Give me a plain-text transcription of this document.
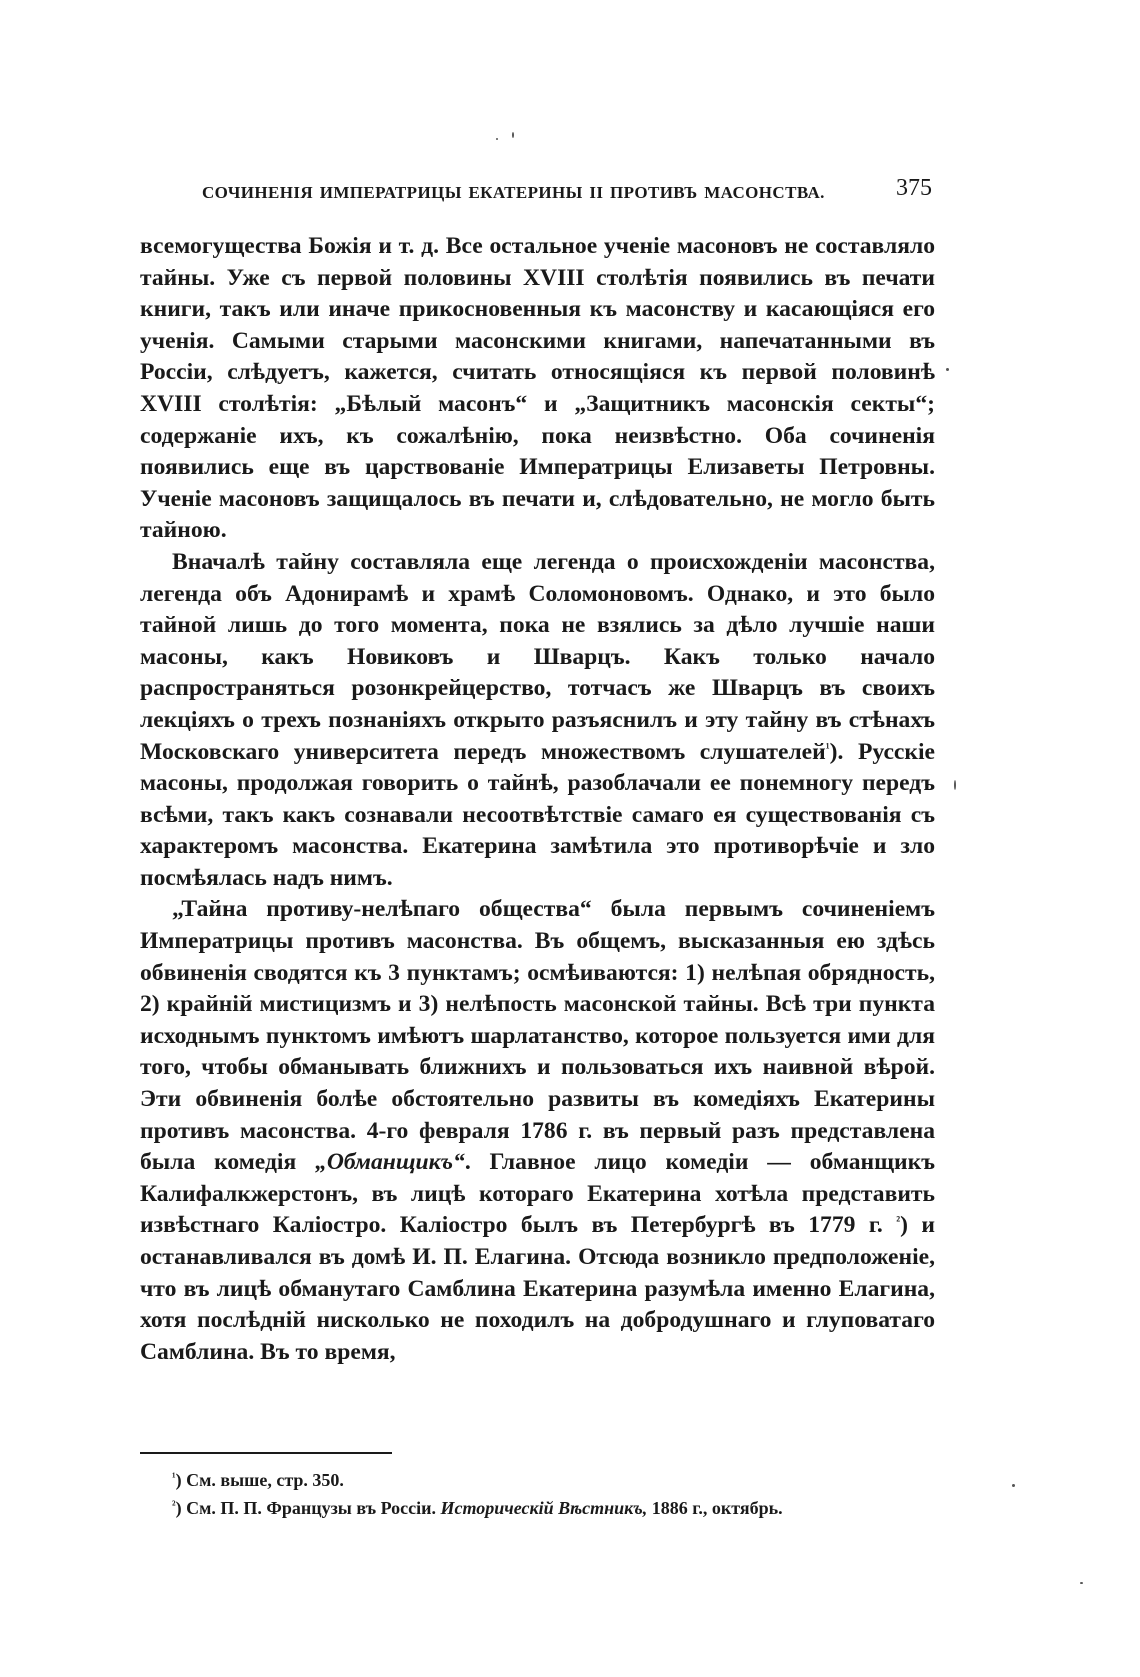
СОЧИНЕНІЯ ИМПЕРАТРИЦЫ ЕКАТЕРИНЫ II ПРОТИВЪ МАСОНСТВА.	375

всемогущества Божія и т. д. Все остальное ученіе масоновъ не составляло тайны. Уже съ первой половины XVIII столѣтія появились въ печати книги, такъ или иначе прикосновенныя къ масонству и касающіяся его ученія. Самыми старыми масонскими книгами, напечатанными въ Россіи, слѣдуетъ, кажется, считать относящіяся къ первой половинѣ XVIII столѣтія: „Бѣлый масонъ“ и „Защитникъ масонскія секты“; содержаніе ихъ, къ сожалѣнію, пока неизвѣстно. Оба сочиненія появились еще въ царствованіе Императрицы Елизаветы Петровны. Ученіе масоновъ защищалось въ печати и, слѣдовательно, не могло быть тайною.

Вначалѣ тайну составляла еще легенда о происхожденіи масонства, легенда объ Адонирамѣ и храмѣ Соломоновомъ. Однако, и это было тайной лишь до того момента, пока не взялись за дѣло лучшіе наши масоны, какъ Новиковъ и Шварцъ. Какъ только начало распространяться розонкрейцерство, тотчасъ же Шварцъ въ своихъ лекціяхъ о трехъ познаніяхъ открыто разъяснилъ и эту тайну въ стѣнахъ Московскаго университета передъ множествомъ слушателей$^{^1}$). Русскіе масоны, продолжая говорить о тайнѣ, разоблачали ее понемногу передъ всѣми, такъ какъ сознавали несоотвѣтствіе самаго ея существованія съ характеромъ масонства. Екатерина замѣтила это противорѣчіе и зло посмѣялась надъ нимъ.

„Тайна противу-нелѣпаго общества“ была первымъ сочиненіемъ Императрицы противъ масонства. Въ общемъ, высказанныя ею здѣсь обвиненія сводятся къ 3 пунктамъ; осмѣиваются: 1) нелѣпая обрядность, 2) крайній мистицизмъ и 3) нелѣпость масонской тайны. Всѣ три пункта исходнымъ пунктомъ имѣютъ шарлатанство, которое пользуется ими для того, чтобы обманывать ближнихъ и пользоваться ихъ наивной вѣрой. Эти обвиненія болѣе обстоятельно развиты въ комедіяхъ Екатерины противъ масонства. 4-го февраля 1786 г. въ первый разъ представлена была комедія „Обманщикъ“. Главное лицо комедіи — обманщикъ Калифалкжерстонъ, въ лицѣ котораго Екатерина хотѣла представить извѣстнаго Каліостро. Каліостро былъ въ Петербургѣ въ 1779 г. $^{^2}$) и останавливался въ домѣ И. П. Елагина. Отсюда возникло предположеніе, что въ лицѣ обманутаго Самблина Екатерина разумѣла именно Елагина, хотя послѣдній нисколько не походилъ на добродушнаго и глуповатаго Самблина. Въ то время,

$^{^1}$) См. выше, стр. 350.

$^{^2}$) См. П. П. Французы въ Россіи. Историческій Вѣстникъ, 1886 г., октябрь.
